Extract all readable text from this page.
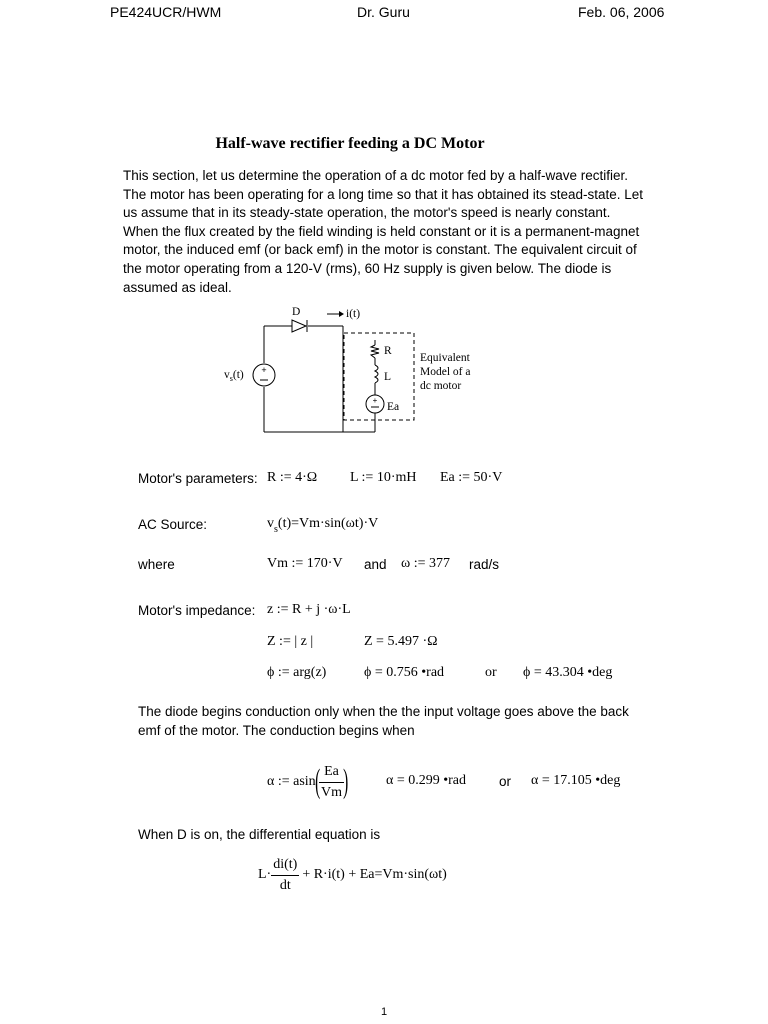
PE424UCR/HWM	Dr. Guru	Feb. 06, 2006
Half-wave rectifier feeding a DC Motor
This section, let us determine the operation of a dc motor fed by a half-wave rectifier. The motor has been operating for a long time so that it has obtained its stead-state. Let us assume that in its steady-state operation, the motor's speed is nearly constant. When the flux created by the field winding is held constant or it is a permanent-magnet motor, the induced emf (or back emf) in the motor is constant. The equivalent circuit of the motor operating from a 120-V (rms), 60 Hz supply is given below. The diode is assumed as ideal.
+
+
D	i(t)
$v_s(t)$
R
L
Ea
Equivalent
Model of a
dc motor
Motor's parameters: R := 4·Ω L := 10·mH Ea := 50·V
AC Source:	$v_s(t)=Vm\cdot\sin(\omega t)\cdot V$
where	Vm := 170·V and ω := 377 rad/s
Motor's impedance: z := R + j ·ω·L
Z := | z |	Z = 5.497 ·Ω
ϕ := arg(z)	ϕ = 0.756 •rad	or ϕ = 43.304 •deg
The diode begins conduction only when the the input voltage goes above the back emf of the motor. The conduction begins when
α := asin ( $\frac{Ea}{Vm}$ )	α = 0.299 •rad or α = 17.105 •deg
When D is on, the differential equation is
$L\cdot \frac{di(t)}{dt} + R\cdot i(t) + Ea=Vm\cdot\sin(\omega t)$
1
